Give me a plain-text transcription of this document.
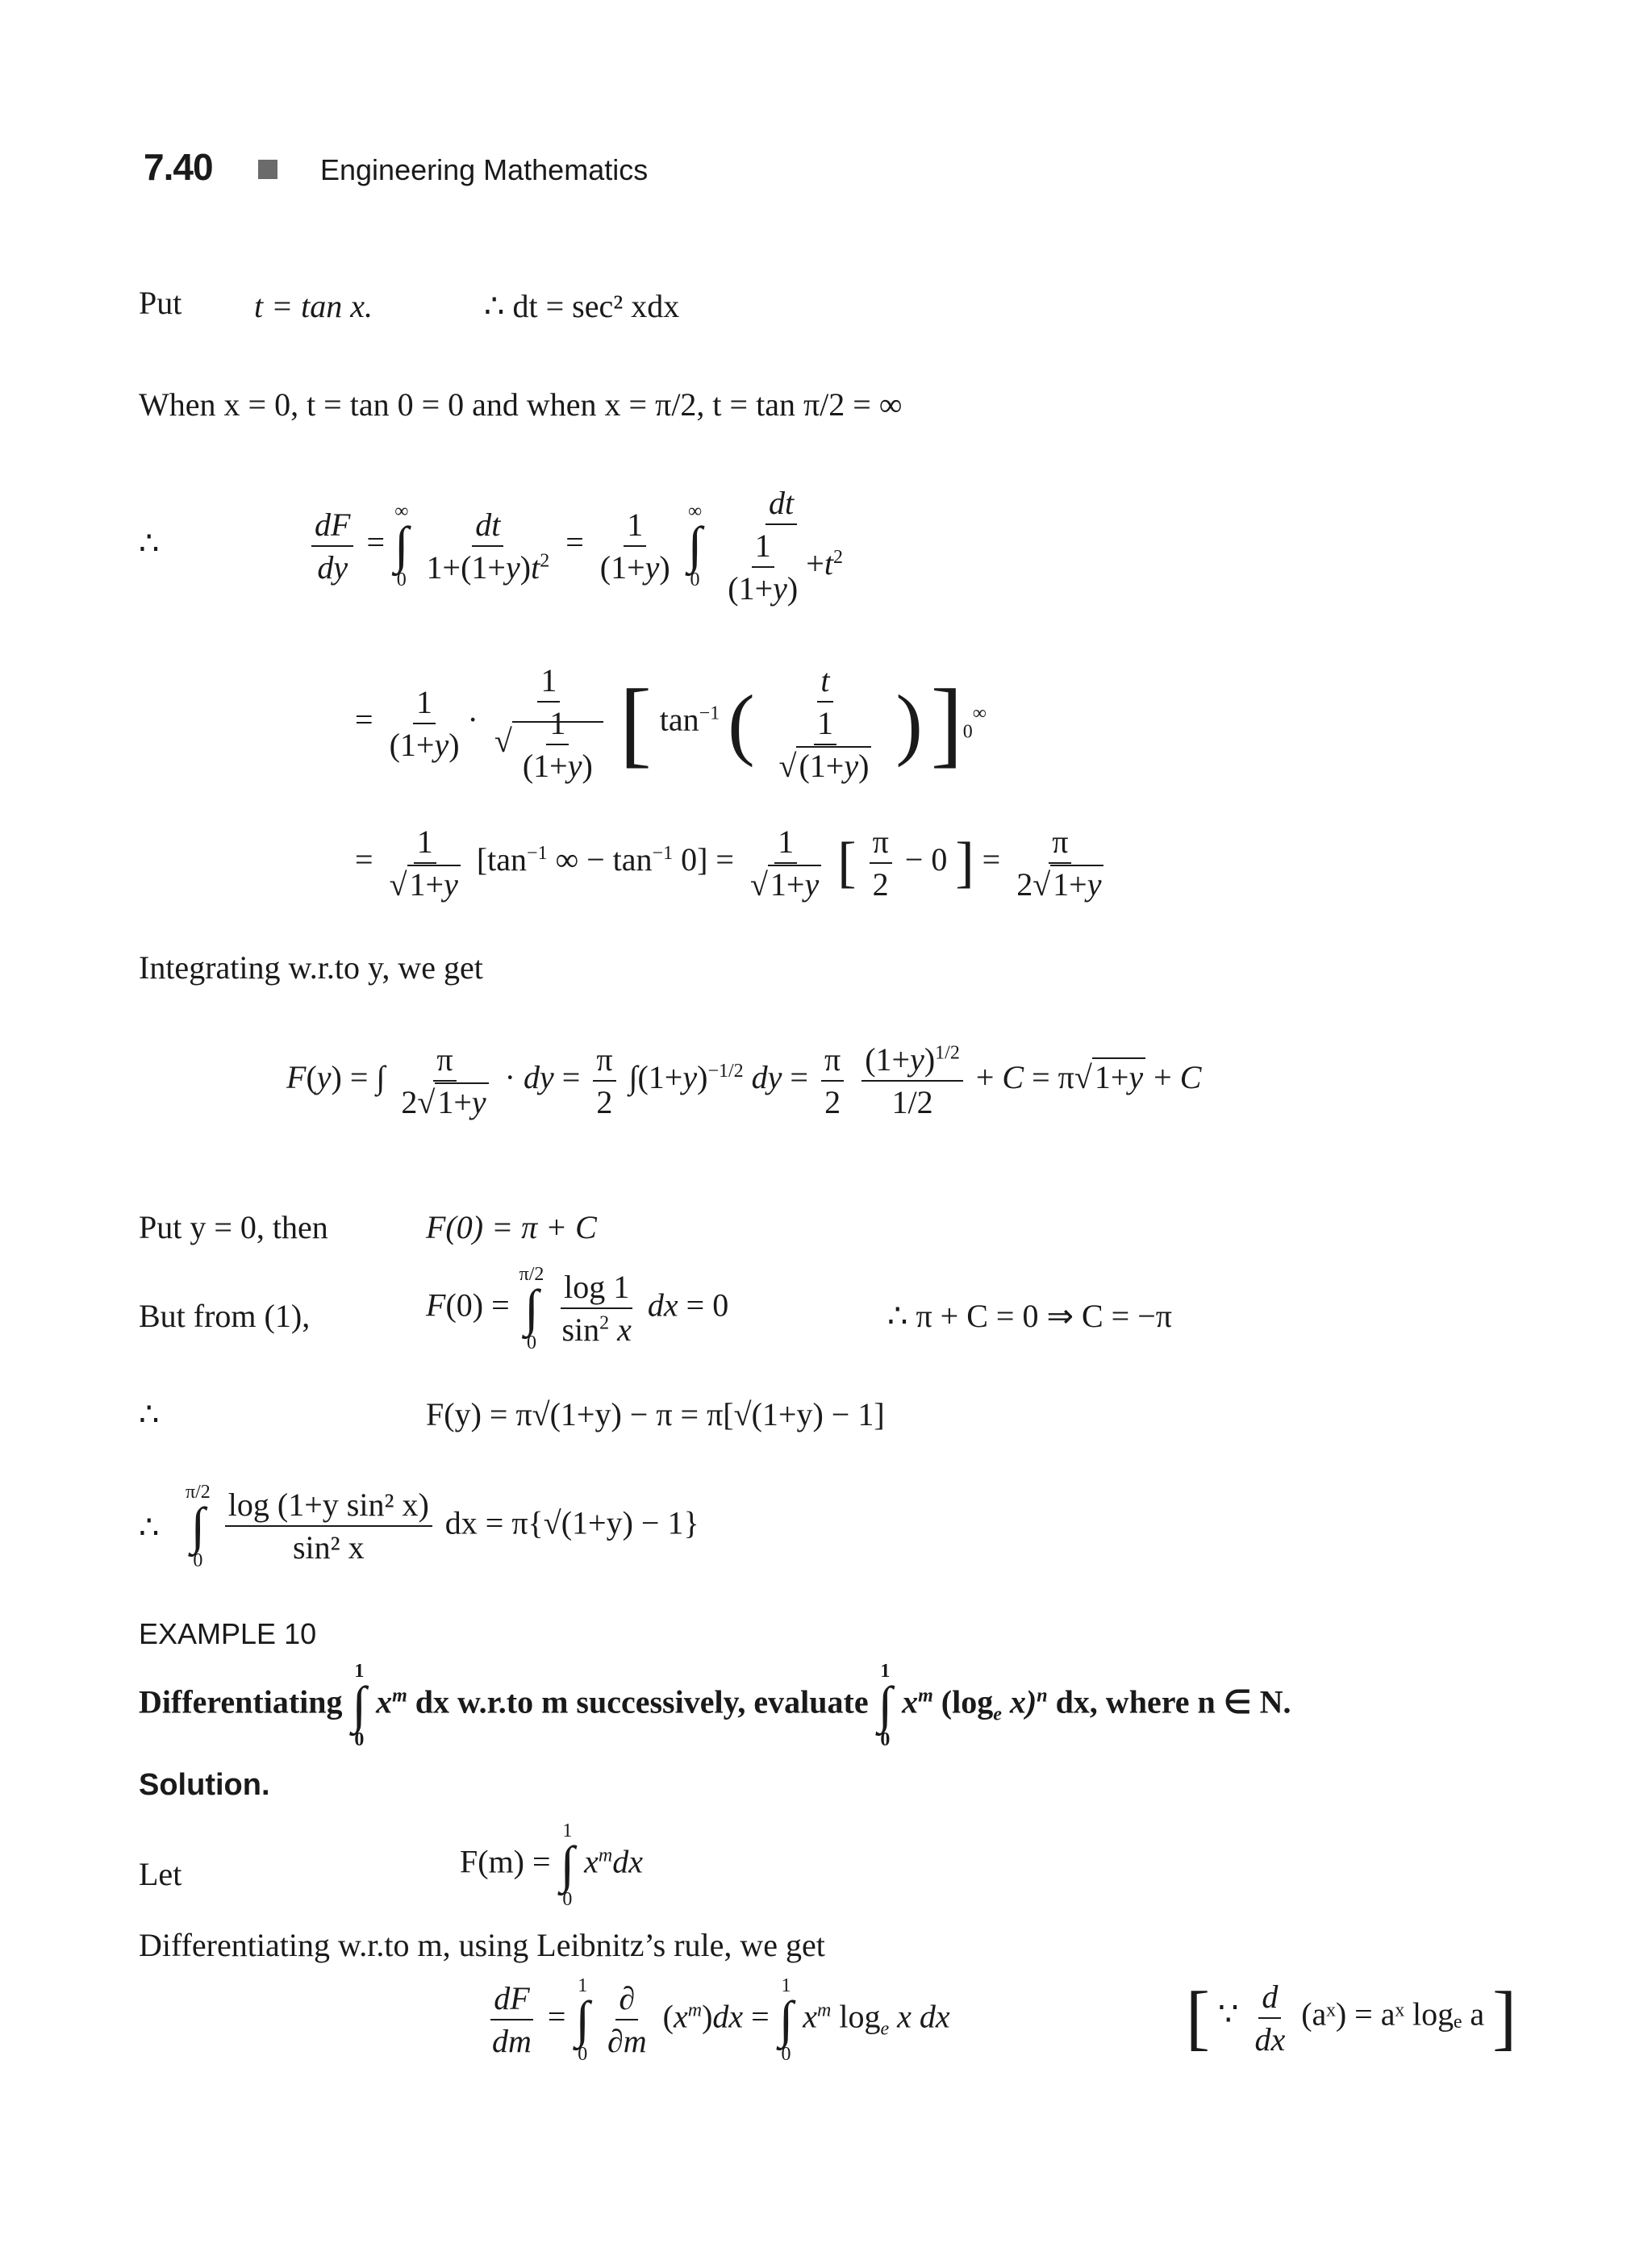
7.40	Engineering Mathematics
Put t = tan x.	∴ dt = sec² xdx
When x = 0, t = tan 0 = 0 and when x = π/2, t = tan π/2 = ∞
∴	$\frac{dF}{dy}$ =
∞
∫
0
$\frac{dt}{1+(1+y)t^2} = \frac{1}{(1+y)}$
∞
∫
0
$\frac{dt}{\frac{1}{(1+y)} +t^2}$
= $\frac{1}{(1+y)} \cdot \frac{1}{√ \frac{1}{(1+y)}}$ [ $\tan^{-1}$ ( $\frac{t}{\frac{1}{√(1+y)}}$ ) ]$_0^\infty$
= $\frac{1}{√1+y} [\tan^{-1}$ ∞ − $\tan^{-1} 0] = \frac{1}{√1+y}$ [ $\frac{\pi}{2} - 0$ ] = $\frac{\pi}{2√1+y}$
Integrating w.r.to y, we get
F(y) = ∫ $\frac{\pi}{2√1+y}$ · dy = $\frac{\pi}{2} \int(1+y)^{-1/2}$ dy = $\frac{\pi}{2}$
$\frac{(1+y)^{1/2}}{1/2} + C = \pi√1+y + C$
Put y = 0, then	F(0) = π + C
But from (1),	F(0) =
π/2
∫
0
$\frac{\log 1}{\sin^2 x}$ dx = 0	∴ π + C = 0 ⇒ C = −π
∴	F(y) = π√(1+y) − π = π[√(1+y) − 1]
∴
π/2
∫
0
$\frac{\text{log (1+y sin² x)}}{\text{sin² x}}$ dx = π{√(1+y) − 1}
EXAMPLE 10
Differentiating
1
∫
0
$x^m$ dx w.r.to m successively, evaluate
1
∫
0
$x^m$ ($\log_e$ x)$^n$ dx, where n ∈ N.
Solution.
Let	F(m) =
1
∫
0
$x^mdx$
Differentiating w.r.to m, using Leibnitz’s rule, we get
$\frac{dF}{dm}$ =
1
∫
0
$\frac{\partial}{\partial m} (x^m)dx$ =
1
∫
0
$x^m$ $\log_e x$ dx	[ ∵ $\frac{d}{dx}$ (aˣ) = aˣ logₑ a ]
